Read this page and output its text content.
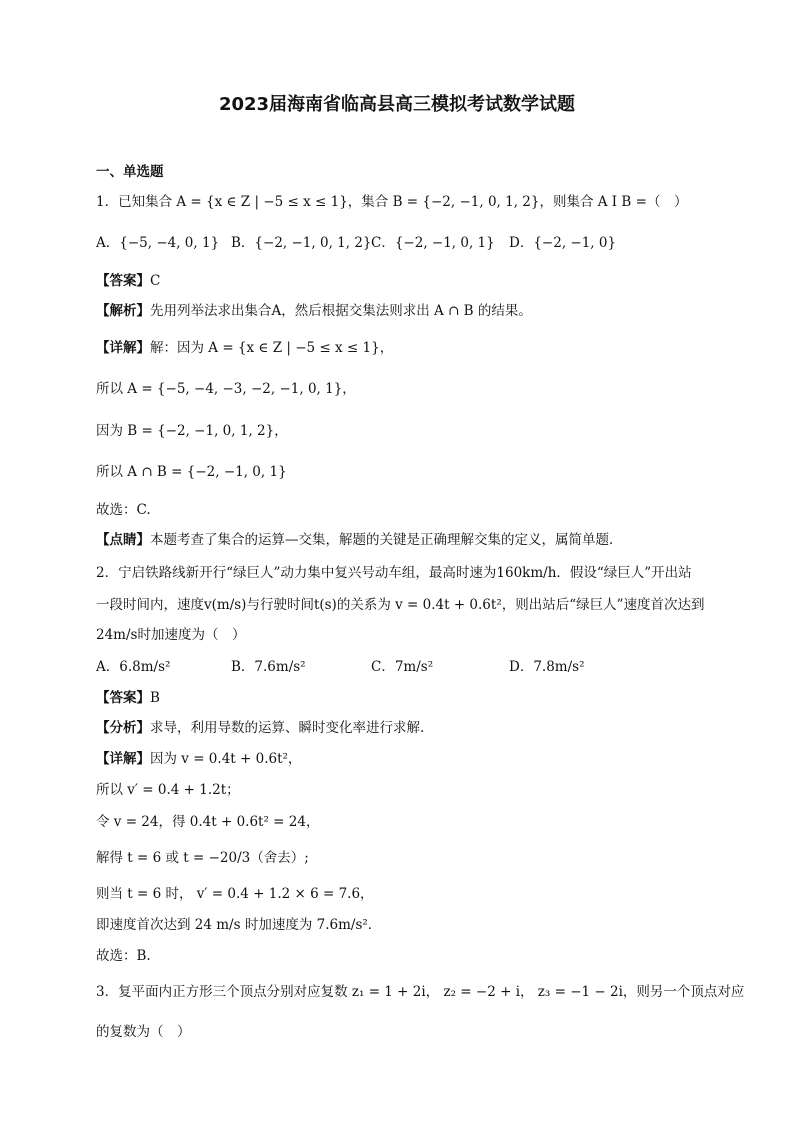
2023届海南省临高县高三模拟考试数学试题
一、单选题
1．已知集合 A = {x ∈ Z | −5 ≤ x ≤ 1}，集合 B = {−2, −1, 0, 1, 2}，则集合 A I B =（　）
A．{−5, −4, 0, 1} B．{−2, −1, 0, 1, 2} C．{−2, −1, 0, 1} D．{−2, −1, 0}
【答案】C
【解析】先用列举法求出集合A，然后根据交集法则求出 A ∩ B 的结果。
【详解】解：因为 A = {x ∈ Z | −5 ≤ x ≤ 1}，
所以 A = {−5, −4, −3, −2, −1, 0, 1}，
因为 B = {−2, −1, 0, 1, 2}，
所以 A ∩ B = {−2, −1, 0, 1}
故选：C.
【点睛】本题考查了集合的运算—交集，解题的关键是正确理解交集的定义，属简单题．
2．宁启铁路线新开行“绿巨人”动力集中复兴号动车组，最高时速为160km/h．假设“绿巨人”开出站
一段时间内，速度v(m/s)与行驶时间t(s)的关系为 v = 0.4t + 0.6t²，则出站后“绿巨人”速度首次达到
24m/s时加速度为（　）
A．6.8m/s²	B．7.6m/s²	C．7m/s²	D．7.8m/s²
【答案】B
【分析】求导，利用导数的运算、瞬时变化率进行求解.
【详解】因为 v = 0.4t + 0.6t²，
所以 v′ = 0.4 + 1.2t；
令 v = 24，得 0.4t + 0.6t² = 24，
解得 t = 6 或 t = −20/3（舍去）;
则当 t = 6 时， v′ = 0.4 + 1.2 × 6 = 7.6，
即速度首次达到 24 m/s 时加速度为 7.6m/s²．
故选：B.
3．复平面内正方形三个顶点分别对应复数 z₁ = 1 + 2i， z₂ = −2 + i， z₃ = −1 − 2i，则另一个顶点对应
的复数为（　）
